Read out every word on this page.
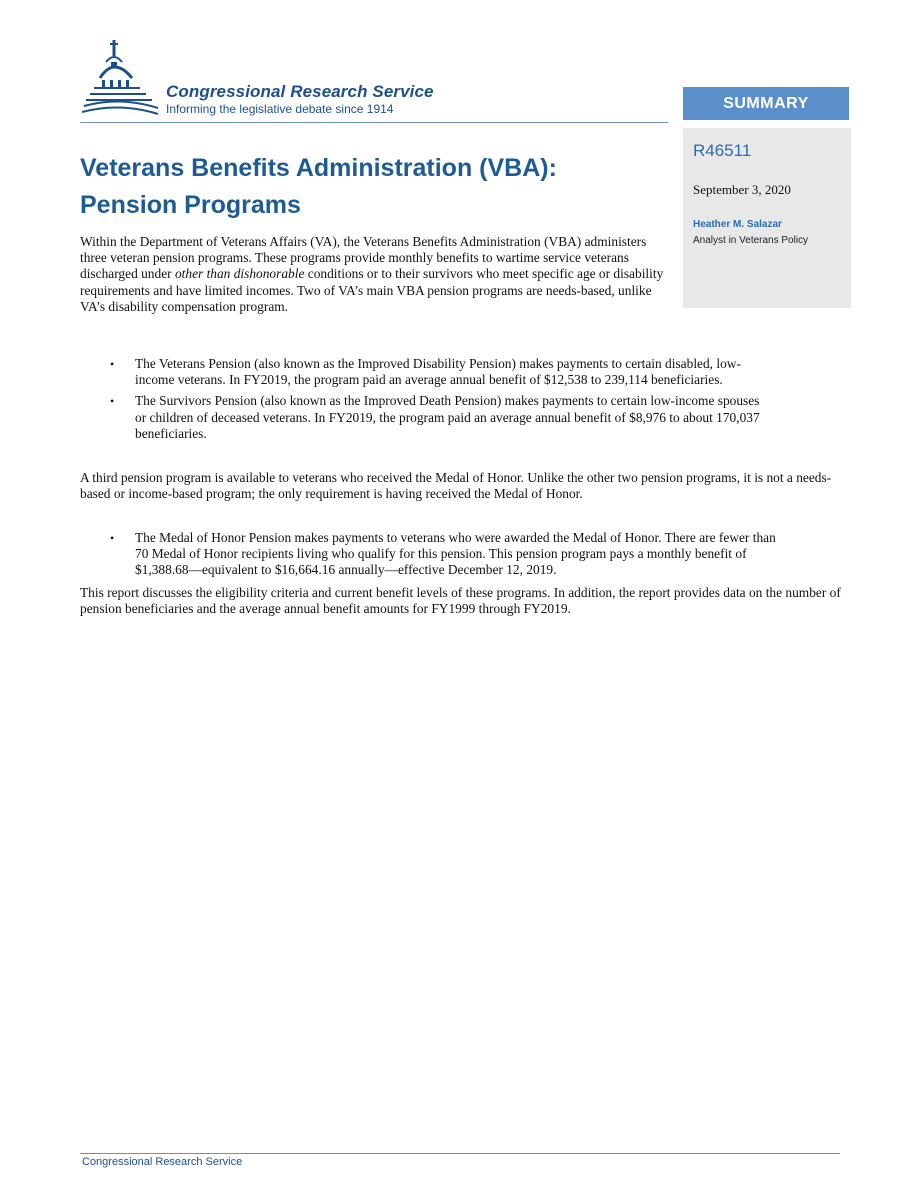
Congressional Research Service
Informing the legislative debate since 1914	SUMMARY
R46511
September 3, 2020
Heather M. Salazar
Analyst in Veterans Policy
Veterans Benefits Administration (VBA): Pension Programs

Within the Department of Veterans Affairs (VA), the Veterans Benefits Administration (VBA) administers three veteran pension programs. These programs provide monthly benefits to wartime service veterans discharged under other than dishonorable conditions or to their survivors who meet specific age or disability requirements and have limited incomes. Two of VA’s main VBA pension programs are needs-based, unlike VA’s disability compensation program.

• The Veterans Pension (also known as the Improved Disability Pension) makes payments to certain disabled, low-income veterans. In FY2019, the program paid an average annual benefit of $12,538 to 239,114 beneficiaries.
• The Survivors Pension (also known as the Improved Death Pension) makes payments to certain low-income spouses or children of deceased veterans. In FY2019, the program paid an average annual benefit of $8,976 to about 170,037 beneficiaries.

A third pension program is available to veterans who received the Medal of Honor. Unlike the other two pension programs, it is not a needs-based or income-based program; the only requirement is having received the Medal of Honor.

• The Medal of Honor Pension makes payments to veterans who were awarded the Medal of Honor. There are fewer than 70 Medal of Honor recipients living who qualify for this pension. This pension program pays a monthly benefit of $1,388.68—equivalent to $16,664.16 annually—effective December 12, 2019.

This report discusses the eligibility criteria and current benefit levels of these programs. In addition, the report provides data on the number of pension beneficiaries and the average annual benefit amounts for FY1999 through FY2019.

Congressional Research Service
